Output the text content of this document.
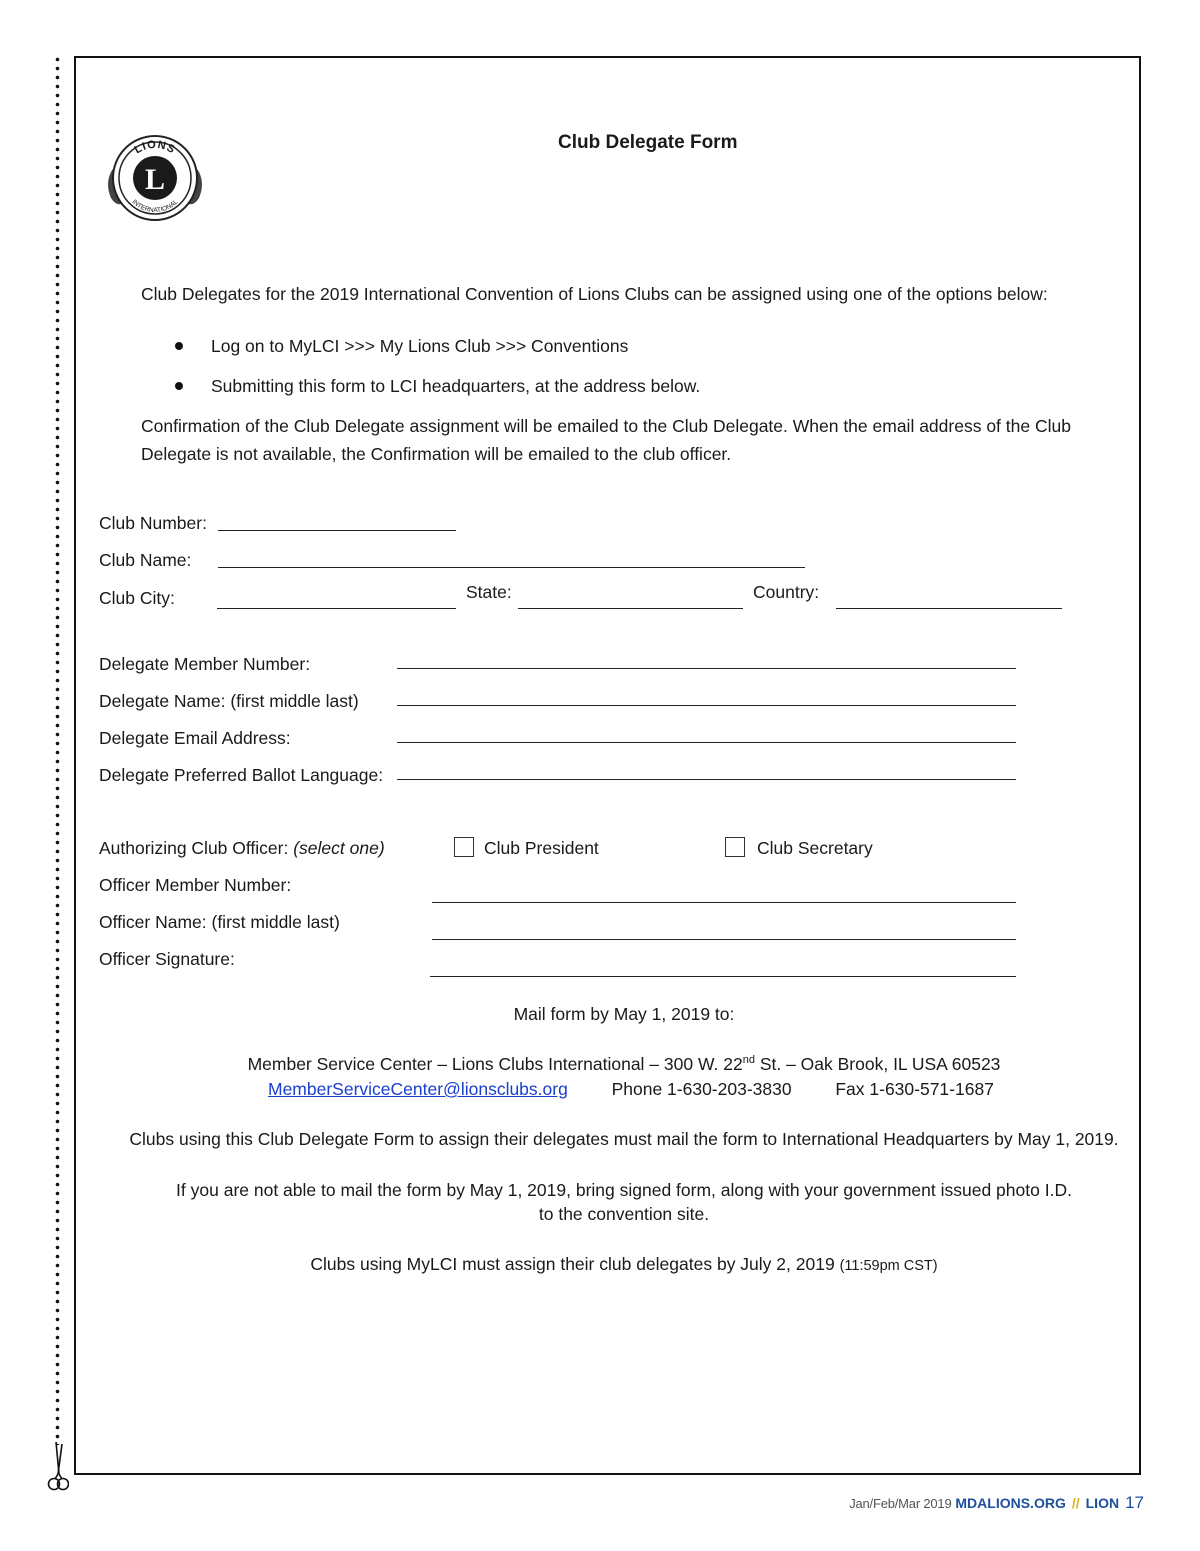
L
LIONS
INTERNATIONAL
Club Delegate Form
Club Delegates for the 2019 International Convention of Lions Clubs can be assigned using one of the options below:
Log on to MyLCI >>> My Lions Club >>> Conventions
Submitting this form to LCI headquarters, at the address below.
Confirmation of the Club Delegate assignment will be emailed to the Club Delegate. When the email address of the Club
Delegate is not available, the Confirmation will be emailed to the club officer.
Club Number:
Club Name:
Club City:	State:	Country:
Delegate Member Number:
Delegate Name: (first middle last)
Delegate Email Address:
Delegate Preferred Ballot Language:
Authorizing Club Officer: (select one)	Club President	Club Secretary
Officer Member Number:
Officer Name: (first middle last)
Officer Signature:
Mail form by May 1, 2019 to:
Member Service Center – Lions Clubs International – 300 W. 22nd St. – Oak Brook, IL USA 60523
MemberServiceCenter@lionsclubs.org	Phone 1-630-203-3830	Fax 1-630-571-1687
Clubs using this Club Delegate Form to assign their delegates must mail the form to International Headquarters by May 1, 2019.
If you are not able to mail the form by May 1, 2019, bring signed form, along with your government issued photo I.D.
to the convention site.
Clubs using MyLCI must assign their club delegates by July 2, 2019 (11:59pm CST)
Jan/Feb/Mar 2019 MDALIONS.ORG // LION 17
